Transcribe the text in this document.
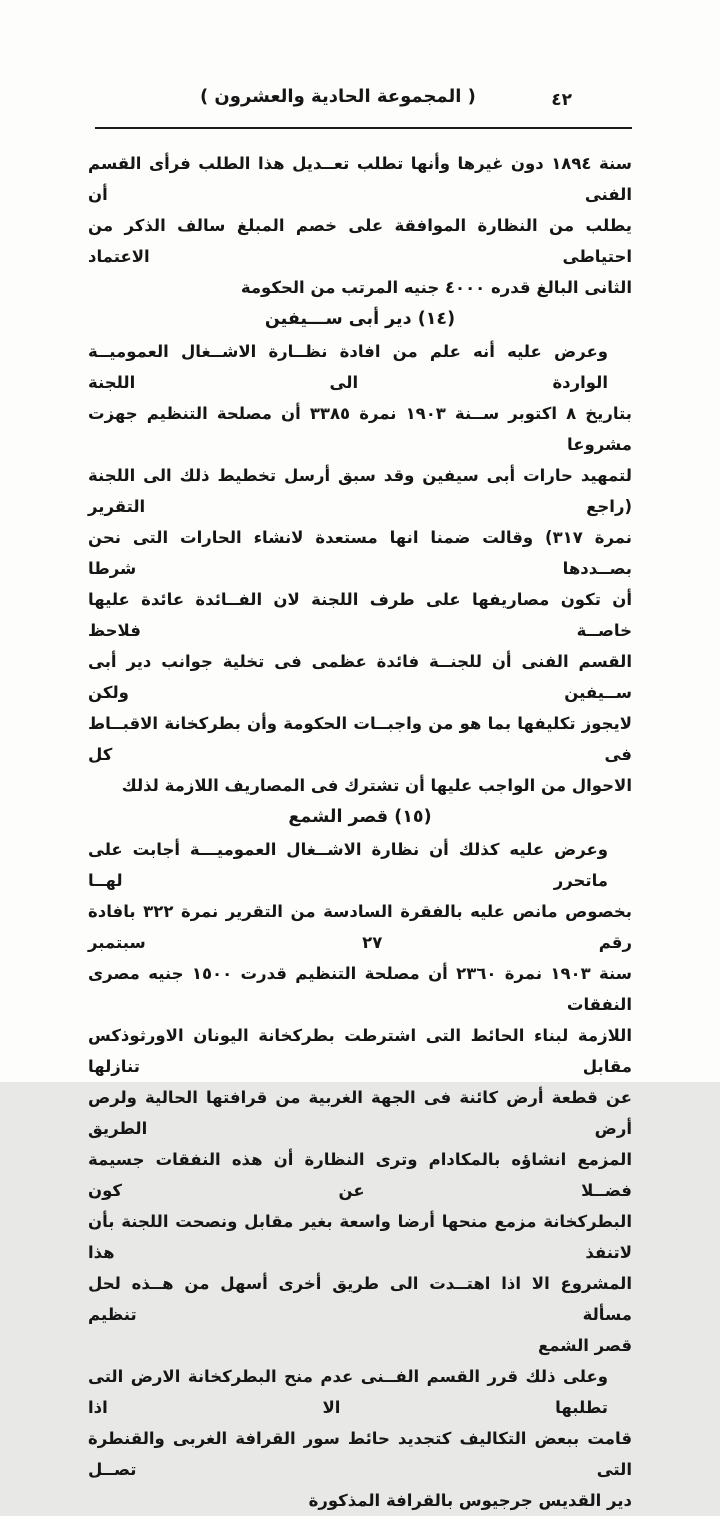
( المجموعة الحادية والعشرون )	٤٢
سنة ١٨٩٤ دون غيرها وأنها تطلب تعــديل هذا الطلب فرأى القسم الفنى أن
يطلب من النظارة الموافقة على خصم المبلغ سالف الذكر من احتياطى الاعتماد
الثانى البالغ قدره ٤٠٠٠ جنيه المرتب من الحكومة
(١٤) دير أبى ســـيفين
وعرض عليه أنه علم من افادة نظــارة الاشــغال العموميــة الواردة الى اللجنة
بتاريخ ٨ اكتوبر ســنة ١٩٠٣ نمرة ٣٣٨٥ أن مصلحة التنظيم جهزت مشروعا
لتمهيد حارات أبى سيفين وقد سبق أرسل تخطيط ذلك الى اللجنة (راجع التقرير
نمرة ٣١٧) وقالت ضمنا انها مستعدة لانشاء الحارات التى نحن بصــددها شرطا
أن تكون مصاريفها على طرف اللجنة لان الفــائدة عائدة عليها خاصــة فلاحظ
القسم الفنى أن للجنــة فائدة عظمى فى تخلية جوانب دير أبى ســيفين ولكن
لايجوز تكليفها بما هو من واجبــات الحكومة وأن بطركخانة الاقبــاط فى كل
الاحوال من الواجب عليها أن تشترك فى المصاريف اللازمة لذلك
(١٥) قصر الشمع
وعرض عليه كذلك أن نظارة الاشــغال العموميـــة أجابت على ماتحرر لهــا
بخصوص مانص عليه بالفقرة السادسة من التقرير نمرة ٣٢٢ بافادة رقم ٢٧ سبتمبر
سنة ١٩٠٣ نمرة ٢٣٦٠ أن مصلحة التنظيم قدرت ١٥٠٠ جنيه مصرى النفقات
اللازمة لبناء الحائط التى اشترطت بطركخانة اليونان الاورثوذكس مقابل تنازلها
عن قطعة أرض كائنة فى الجهة الغربية من قرافتها الحالية ولرص أرض الطريق
المزمع انشاؤه بالمكادام وترى النظارة أن هذه النفقات جسيمة فضــلا عن كون
البطركخانة مزمع منحها أرضا واسعة بغير مقابل ونصحت اللجنة بأن لاتنفذ هذا
المشروع الا اذا اهتــدت الى طريق أخرى أسهل من هــذه لحل مسألة تنظيم
قصر الشمع
وعلى ذلك قرر القسم الفــنى عدم منح البطركخانة الارض التى تطلبها الا اذا
قامت ببعض التكاليف كتجديد حائط سور القرافة الغربى والقنطرة التى تصــل
دير القديس جرجيوس بالقرافة المذكورة
